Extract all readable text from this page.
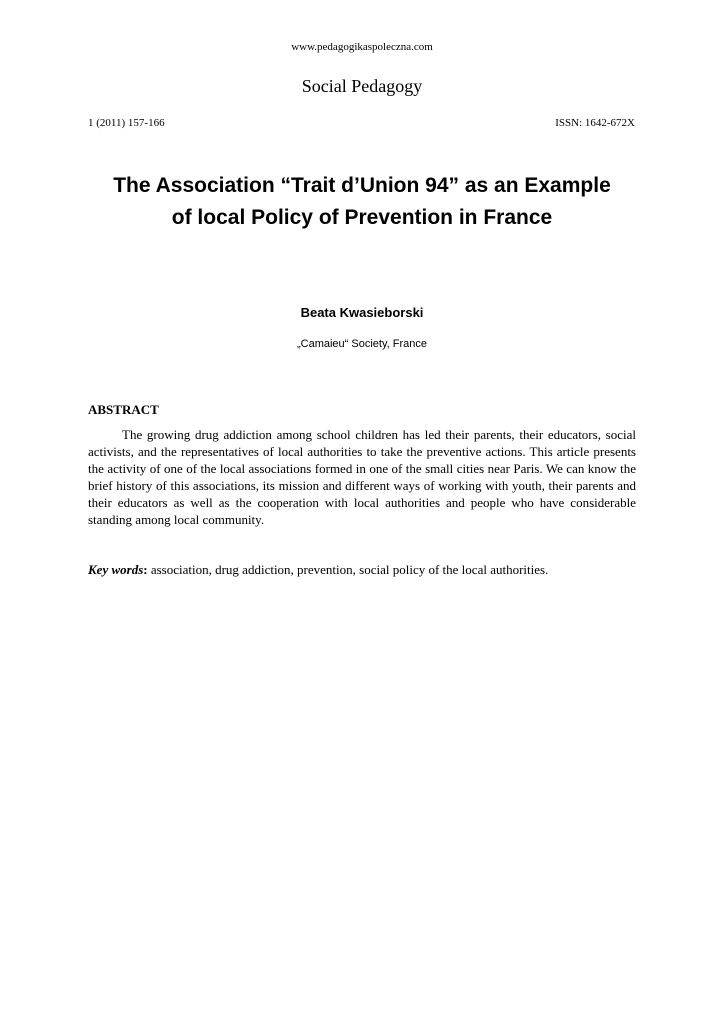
www.pedagogikaspoleczna.com
Social Pedagogy
1 (2011) 157-166	ISSN: 1642-672X
The Association “Trait d’Union 94” as an Example
of local Policy of Prevention in France
Beata Kwasieborski
„Camaieu“ Society, France
ABSTRACT

The growing drug addiction among school children has led their parents, their educators, social activists, and the representatives of local authorities to take the preventive actions. This article presents the activity of one of the local associations formed in one of the small cities near Paris. We can know the brief history of this associations, its mission and different ways of working with youth, their parents and their educators as well as the cooperation with local authorities and people who have considerable standing among local community.

Key words: association, drug addiction, prevention, social policy of the local authorities.
